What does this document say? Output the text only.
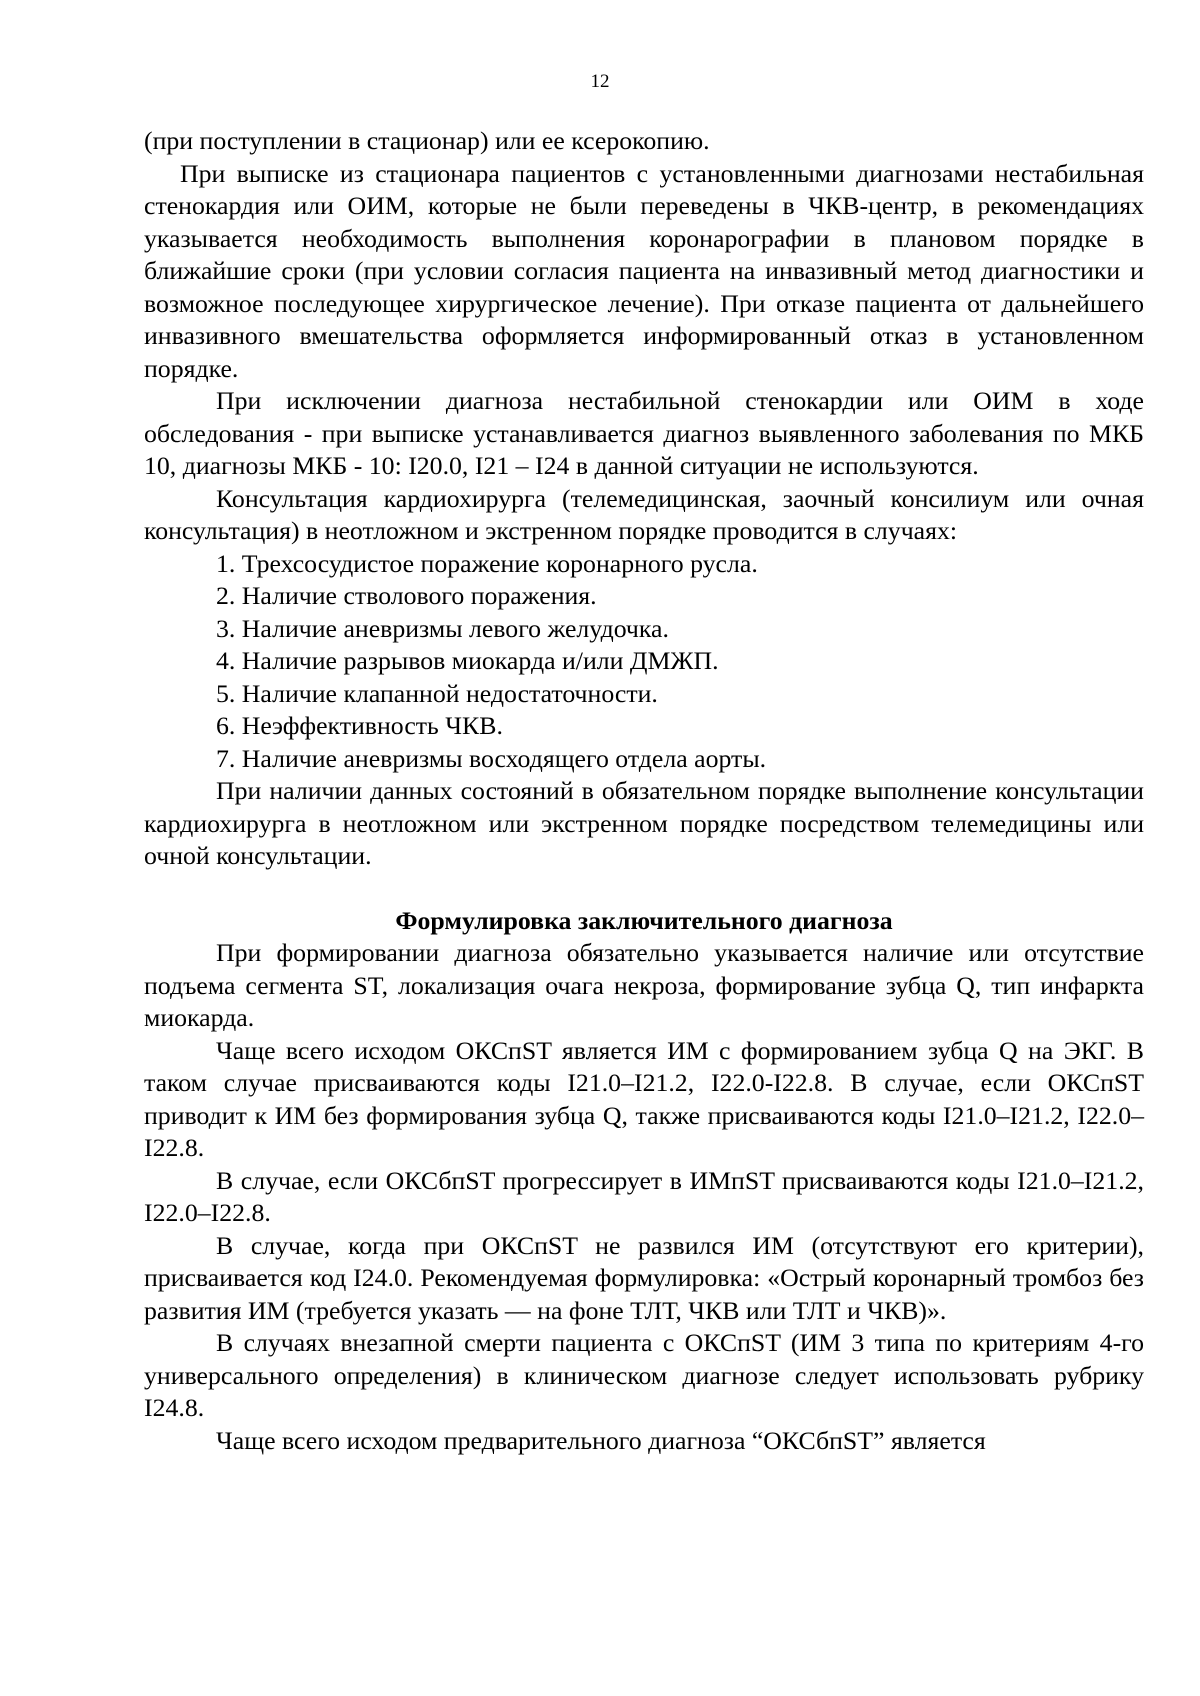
12

(при поступлении в стационар) или ее ксерокопию.

При выписке из стационара пациентов с установленными диагнозами нестабильная стенокардия или ОИМ, которые не были переведены в ЧКВ-центр, в рекомендациях указывается необходимость выполнения коронарографии в плановом порядке в ближайшие сроки (при условии согласия пациента на инвазивный метод диагностики и возможное последующее хирургическое лечение). При отказе пациента от дальнейшего инвазивного вмешательства оформляется информированный отказ в установленном порядке.

При исключении диагноза нестабильной стенокардии или ОИМ в ходе обследования - при выписке устанавливается диагноз выявленного заболевания по МКБ 10, диагнозы МКБ - 10: I20.0, I21 – I24 в данной ситуации не используются.

Консультация кардиохирурга (телемедицинская, заочный консилиум или очная консультация) в неотложном и экстренном порядке проводится в случаях:

1. Трехсосудистое поражение коронарного русла.
2. Наличие стволового поражения.
3. Наличие аневризмы левого желудочка.
4. Наличие разрывов миокарда и/или ДМЖП.
5. Наличие клапанной недостаточности.
6. Неэффективность ЧКВ.
7. Наличие аневризмы восходящего отдела аорты.

При наличии данных состояний в обязательном порядке выполнение консультации кардиохирурга в неотложном или экстренном порядке посредством телемедицины или очной консультации.

Формулировка заключительного диагноза

При формировании диагноза обязательно указывается наличие или отсутствие подъема сегмента ST, локализация очага некроза, формирование зубца Q, тип инфаркта миокарда.

Чаще всего исходом ОКСпST является ИМ с формированием зубца Q на ЭКГ. В таком случае присваиваются коды I21.0–I21.2, I22.0-I22.8. В случае, если ОКСпST приводит к ИМ без формирования зубца Q, также присваиваются коды I21.0–I21.2, I22.0–I22.8.

В случае, если ОКСбпST прогрессирует в ИМпST присваиваются коды I21.0–I21.2, I22.0–I22.8.

В случае, когда при ОКСпST не развился ИМ (отсутствуют его критерии), присваивается код I24.0. Рекомендуемая формулировка: «Острый коронарный тромбоз без развития ИМ (требуется указать — на фоне ТЛТ, ЧКВ или ТЛТ и ЧКВ)».

В случаях внезапной смерти пациента с ОКСпST (ИМ 3 типа по критериям 4-го универсального определения) в клиническом диагнозе следует использовать рубрику I24.8.

Чаще всего исходом предварительного диагноза “ОКСбпST” является
